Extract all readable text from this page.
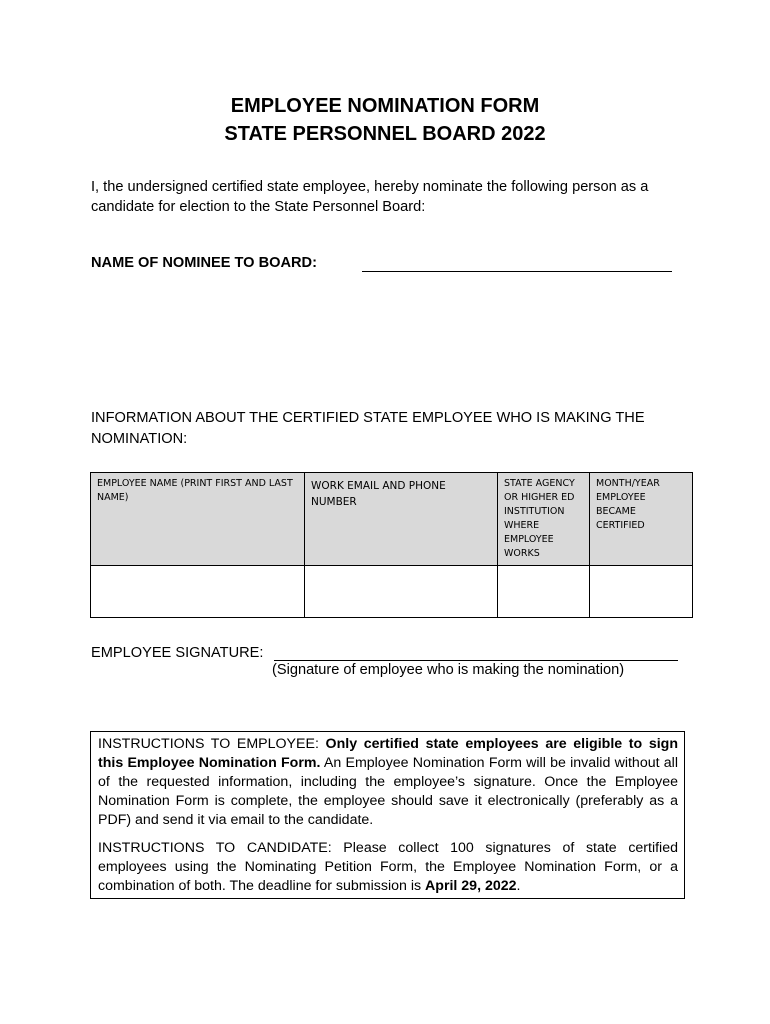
EMPLOYEE NOMINATION FORM
STATE PERSONNEL BOARD 2022
I, the undersigned certified state employee, hereby nominate the following person as a candidate for election to the State Personnel Board:
NAME OF NOMINEE TO BOARD:
INFORMATION ABOUT THE CERTIFIED STATE EMPLOYEE WHO IS MAKING THE NOMINATION:
EMPLOYEE NAME (PRINT FIRST AND LAST NAME)	WORK EMAIL AND PHONE NUMBER	STATE AGENCY OR HIGHER ED INSTITUTION WHERE EMPLOYEE WORKS	MONTH/YEAR EMPLOYEE BECAME CERTIFIED

EMPLOYEE SIGNATURE:
(Signature of employee who is making the nomination)

INSTRUCTIONS TO EMPLOYEE: Only certified state employees are eligible to sign this Employee Nomination Form. An Employee Nomination Form will be invalid without all of the requested information, including the employee’s signature. Once the Employee Nomination Form is complete, the employee should save it electronically (preferably as a PDF) and send it via email to the candidate.

INSTRUCTIONS TO CANDIDATE: Please collect 100 signatures of state certified employees using the Nominating Petition Form, the Employee Nomination Form, or a combination of both. The deadline for submission is April 29, 2022.
